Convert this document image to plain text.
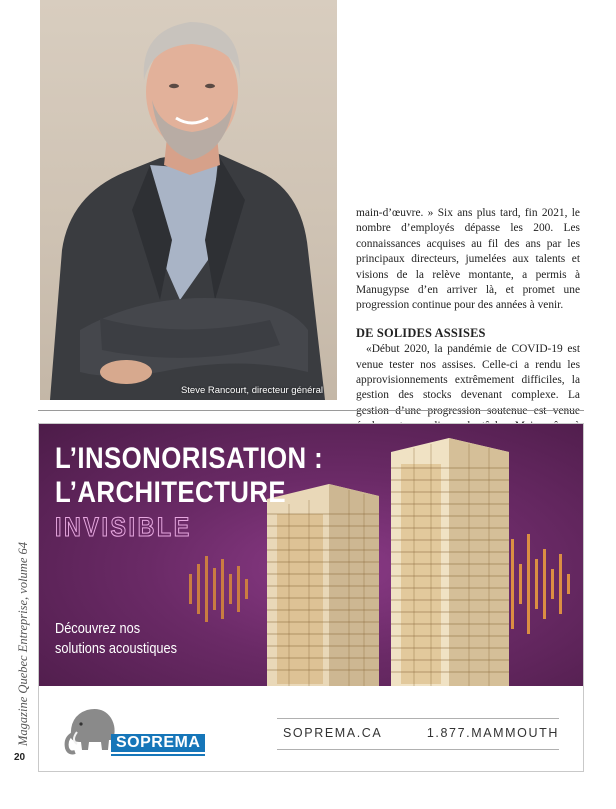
Steve Rancourt, directeur général

main-d’œuvre. » Six ans plus tard, fin 2021, le nombre d’employés dépasse les 200. Les connaissances acquises au fil des ans par les principaux directeurs, jumelées aux talents et visions de la relève montante, a permis à Manugypse d’en arriver là, et promet une progression continue pour des années à venir.

DE SOLIDES ASSISES

«Début 2020, la pandémie de COVID-19 est venue tester nos assises. Celle-ci a rendu les approvisionnements extrêmement difficiles, la gestion des stocks devenant complexe. La

Magazine Quebec Entreprise, volume 64
20
L’INSONORISATION :
L’ARCHITECTURE
INVISIBLE
Découvrez nos
solutions acoustiques
SOPREMA
SOPREMA.CA	1.877.MAMMOUTH
